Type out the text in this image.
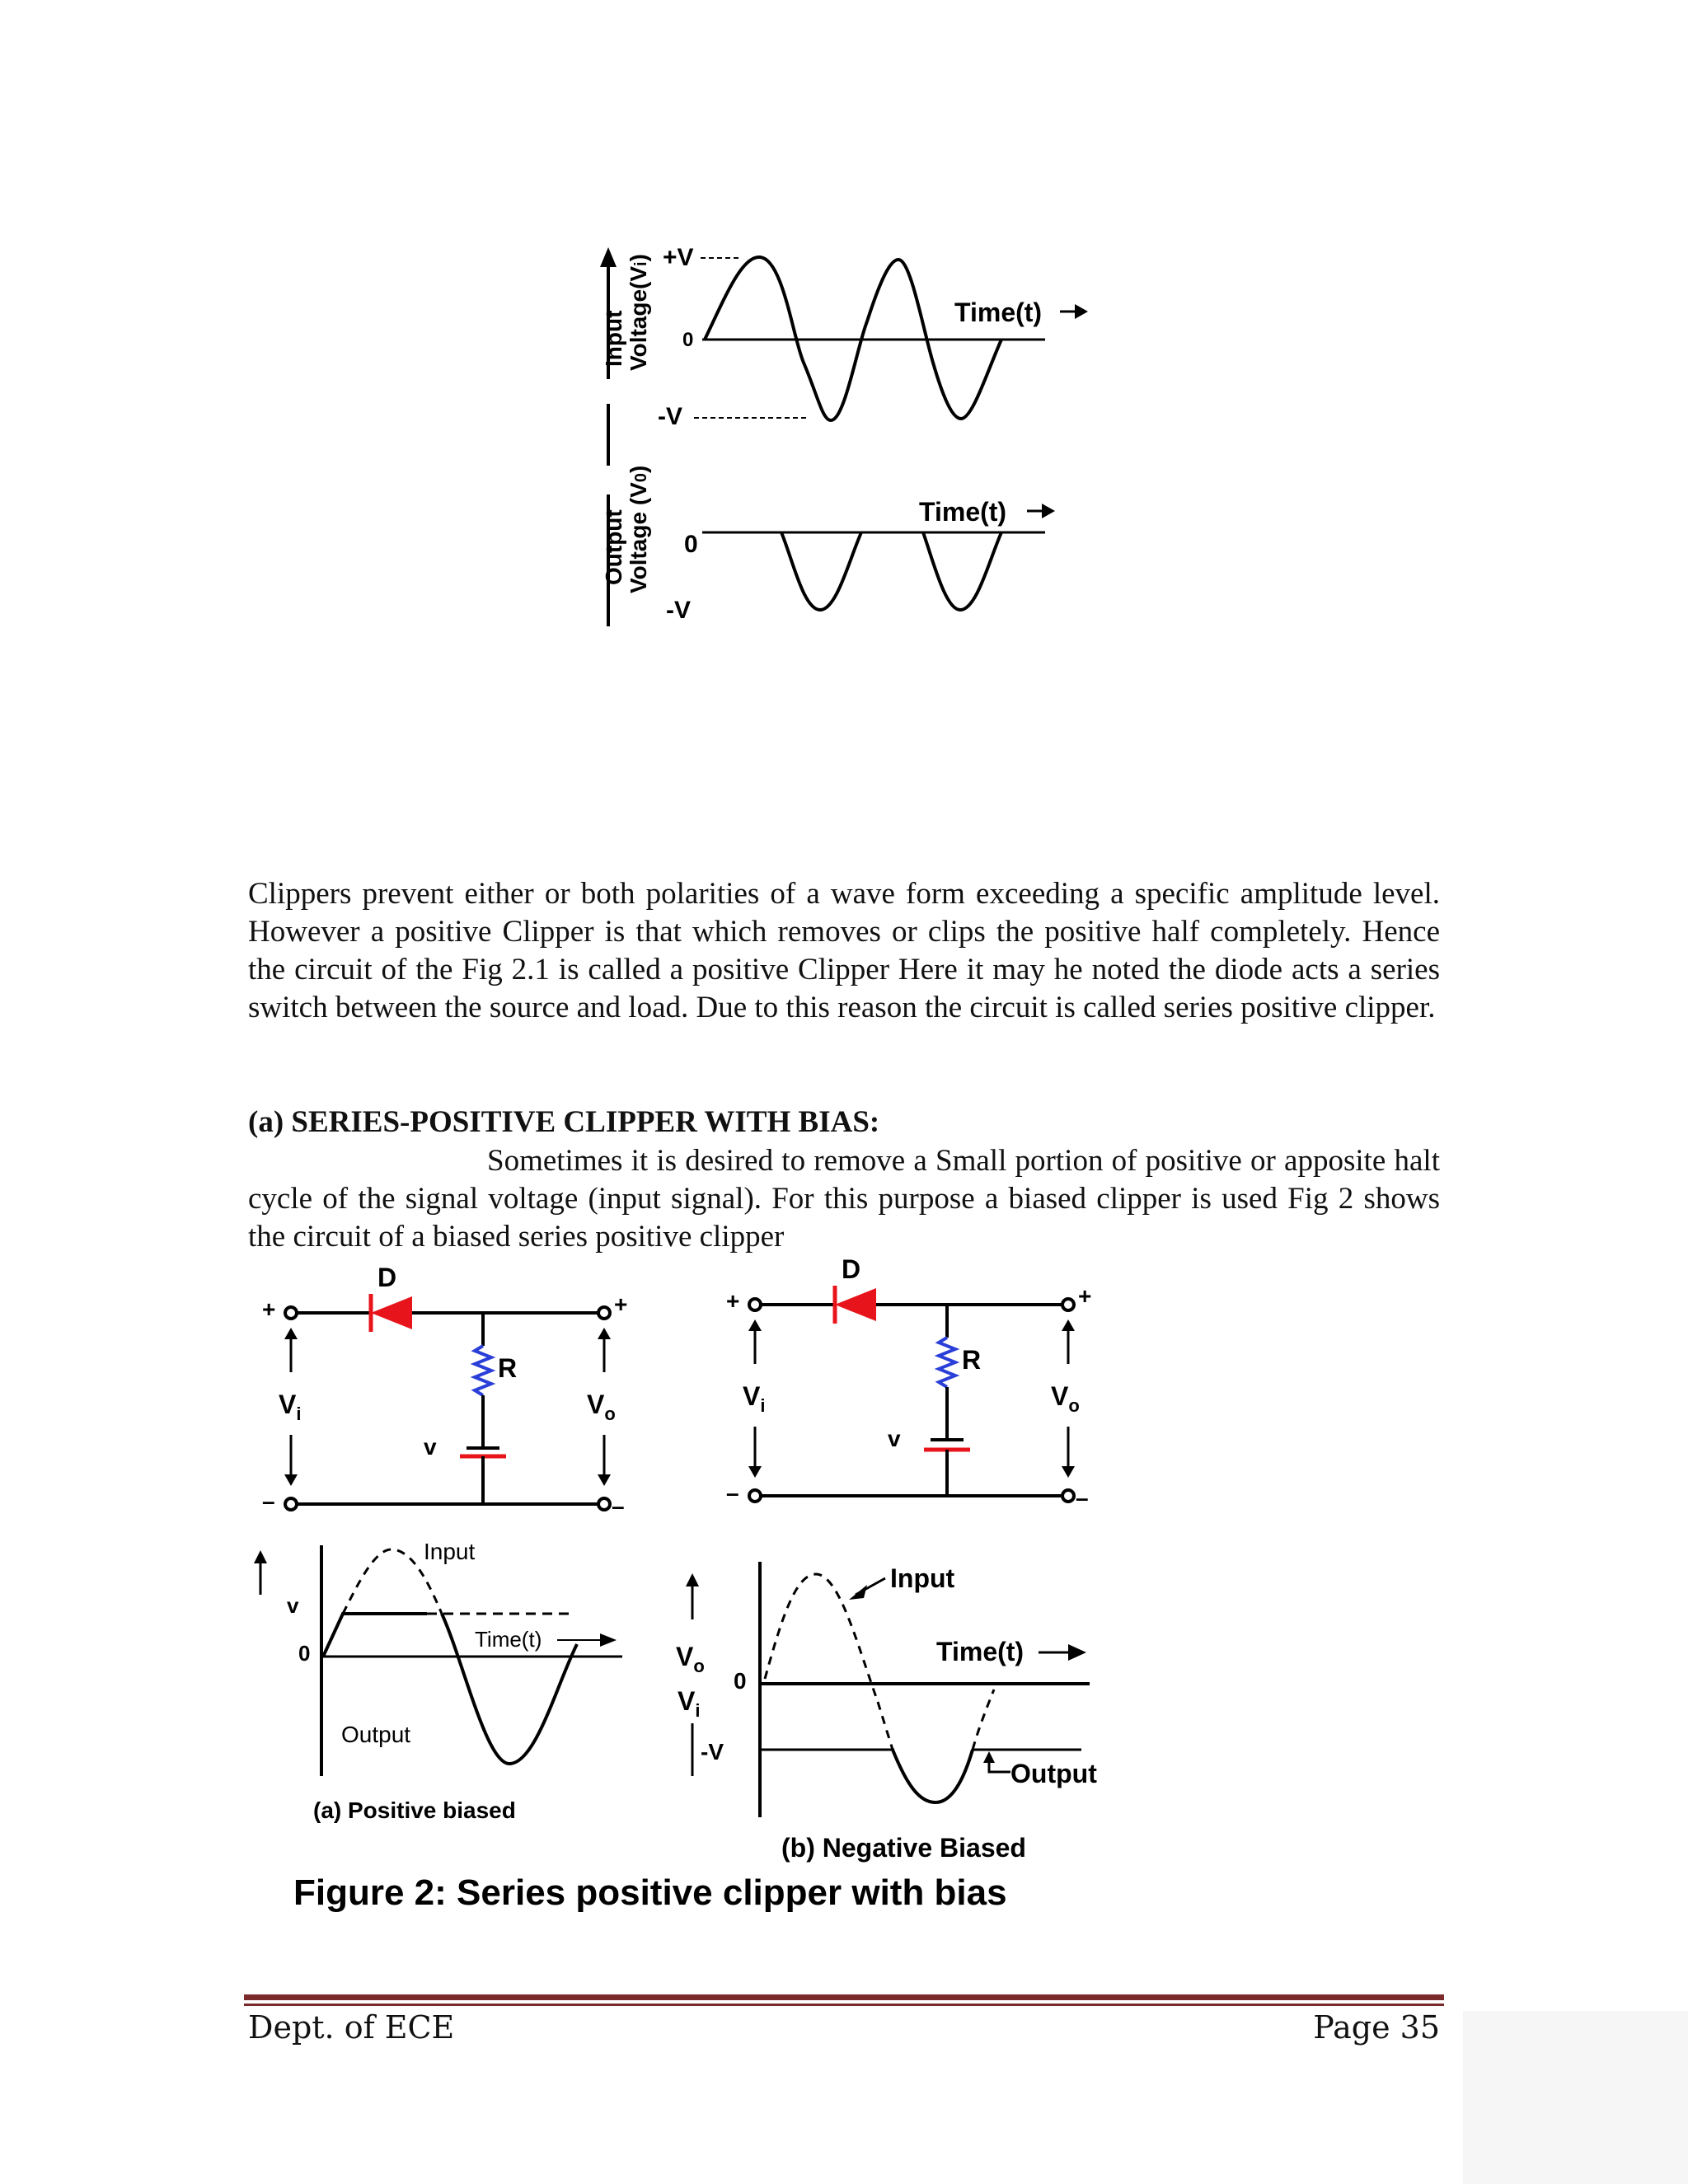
Input Voltage(Vi)
Output Voltage (V0)
+V
0
-V
Time(t)
0
-V
Time(t)

Clippers prevent either or both polarities of a wave form exceeding a specific amplitude level. However a positive Clipper is that which removes or clips the positive half completely. Hence the circuit of the Fig 2.1 is called a positive Clipper Here it may he noted the diode acts a series switch between the source and load. Due to this reason the circuit is called series positive clipper.

(a) SERIES-POSITIVE CLIPPER WITH BIAS:

Sometimes it is desired to remove a Small portion of positive or apposite halt cycle of the signal voltage (input signal). For this purpose a biased clipper is used Fig 2 shows the circuit of a biased series positive clipper

D
+	+
R
v
–	–
$V_i$	$V_o$
D
+	+
R
v
–	–
$V_i$	$V_o$
Input
v
0
Time(t)
Output
(a) Positive biased
$V_o$
$V_i$
-V
0
Input
Time(t)
Output
(b) Negative Biased
Figure 2: Series positive clipper with bias
Dept. of ECE	Page 35
